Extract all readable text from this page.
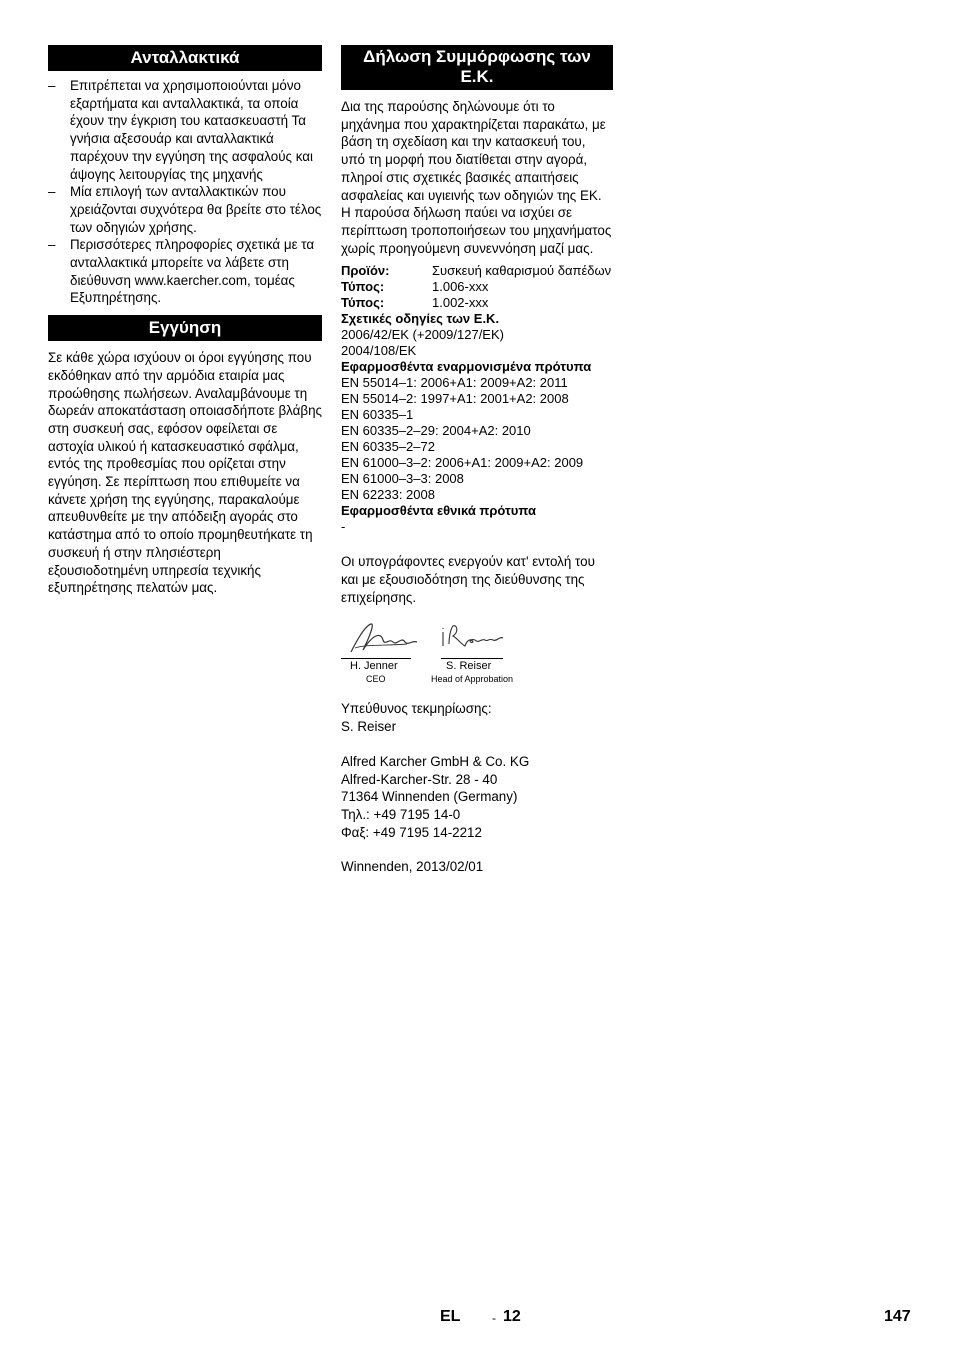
Ανταλλακτικά
– Επιτρέπεται να χρησιμοποιούνται μόνο εξαρτήματα και ανταλλακτικά, τα οποία έχουν την έγκριση του κατασκευαστή Τα γνήσια αξεσουάρ και ανταλλακτικά παρέχουν την εγγύηση της ασφαλούς και άψογης λειτουργίας της μηχανής
– Μία επιλογή των ανταλλακτικών που χρειάζονται συχνότερα θα βρείτε στο τέλος των οδηγιών χρήσης.
– Περισσότερες πληροφορίες σχετικά με τα ανταλλακτικά μπορείτε να λάβετε στη διεύθυνση www.kaercher.com, τομέας Εξυπηρέτησης.
Εγγύηση

Σε κάθε χώρα ισχύουν οι όροι εγγύησης που εκδόθηκαν από την αρμόδια εταιρία μας προώθησης πωλήσεων. Αναλαμβάνουμε τη δωρεάν αποκατάσταση οποιασδήποτε βλάβης στη συσκευή σας, εφόσον οφείλεται σε αστοχία υλικού ή κατασκευαστικό σφάλμα, εντός της προθεσμίας που ορίζεται στην εγγύηση. Σε περίπτωση που επιθυμείτε να κάνετε χρήση της εγγύησης, παρακαλούμε απευθυνθείτε με την απόδειξη αγοράς στο κατάστημα από το οποίο προμηθευτήκατε τη συσκευή ή στην πλησιέστερη εξουσιοδοτημένη υπηρεσία τεχνικής εξυπηρέτησης πελατών μας.

Δήλωση Συμμόρφωσης των Ε.Κ.

Δια της παρούσης δηλώνουμε ότι το μηχάνημα που χαρακτηρίζεται παρακάτω, με βάση τη σχεδίαση και την κατασκευή του, υπό τη μορφή που διατίθεται στην αγορά, πληροί στις σχετικές βασικές απαιτήσεις ασφαλείας και υγιεινής των οδηγιών της ΕΚ. Η παρούσα δήλωση παύει να ισχύει σε περίπτωση τροποποιήσεων του μηχανήματος χωρίς προηγούμενη συνεννόηση μαζί μας.

Προϊόν:	Συσκευή καθαρισμού δαπέδων
Τύπος:	1.006-xxx
Τύπος:	1.002-xxx
Σχετικές οδηγίες των Ε.Κ.
2006/42/ΕΚ (+2009/127/ΕΚ)
2004/108/ΕΚ
Εφαρμοσθέντα εναρμονισμένα πρότυπα
EN 55014–1: 2006+A1: 2009+A2: 2011
EN 55014–2: 1997+A1: 2001+A2: 2008
EN 60335–1
EN 60335–2–29: 2004+A2: 2010
EN 60335–2–72
EN 61000–3–2: 2006+A1: 2009+A2: 2009
EN 61000–3–3: 2008
EN 62233: 2008
Εφαρμοσθέντα εθνικά πρότυπα
-

Οι υπογράφοντες ενεργούν κατ' εντολή του και με εξουσιοδότηση της διεύθυνσης της επιχείρησης.

H. Jenner	S. Reiser
CEO	Head of Approbation
Υπεύθυνος τεκμηρίωσης:
S. Reiser
Alfred Karcher GmbH & Co. KG
Alfred-Karcher-Str. 28 - 40
71364 Winnenden (Germany)
Τηλ.: +49 7195 14-0
Φαξ: +49 7195 14-2212
Winnenden, 2013/02/01
EL	- 12	147
